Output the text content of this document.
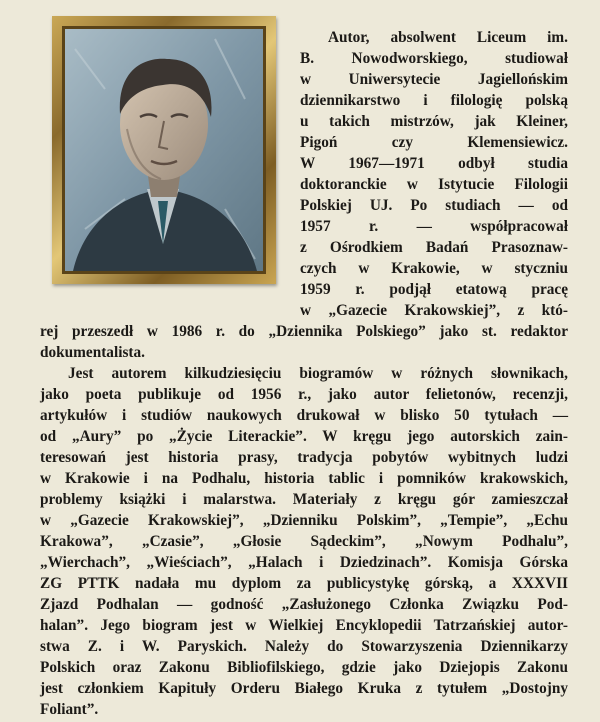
Autor, absolwent Liceum im.
B. Nowodworskiego, studiował
w Uniwersytecie Jagiellońskim
dziennikarstwo i filologię polską
u takich mistrzów, jak Kleiner,
Pigoń czy Klemensiewicz.
W 1967—1971 odbył studia
doktoranckie w Istytucie Filologii
Polskiej UJ. Po studiach — od
1957 r. — współpracował
z Ośrodkiem Badań Prasoznaw-
czych w Krakowie, w styczniu
1959 r. podjął etatową pracę
w „Gazecie Krakowskiej”, z któ-
rej przeszedł w 1986 r. do „Dziennika Polskiego” jako st. redaktor
dokumentalista.
Jest autorem kilkudziesięciu biogramów w różnych słownikach,
jako poeta publikuje od 1956 r., jako autor felietonów, recenzji,
artykułów i studiów naukowych drukował w blisko 50 tytułach —
od „Aury” po „Życie Literackie”. W kręgu jego autorskich zain-
teresowań jest historia prasy, tradycja pobytów wybitnych ludzi
w Krakowie i na Podhalu, historia tablic i pomników krakowskich,
problemy książki i malarstwa. Materiały z kręgu gór zamieszczał
w „Gazecie Krakowskiej”, „Dzienniku Polskim”, „Tempie”, „Echu
Krakowa”, „Czasie”, „Głosie Sądeckim”, „Nowym Podhalu”,
„Wierchach”, „Wieściach”, „Halach i Dziedzinach”. Komisja Górska
ZG PTTK nadała mu dyplom za publicystykę górską, a XXXVII
Zjazd Podhalan — godność „Zasłużonego Członka Związku Pod-
halan”. Jego biogram jest w Wielkiej Encyklopedii Tatrzańskiej autor-
stwa Z. i W. Paryskich. Należy do Stowarzyszenia Dziennikarzy
Polskich oraz Zakonu Bibliofilskiego, gdzie jako Dziejopis Zakonu
jest członkiem Kapituły Orderu Białego Kruka z tytułem „Dostojny
Foliant”.
